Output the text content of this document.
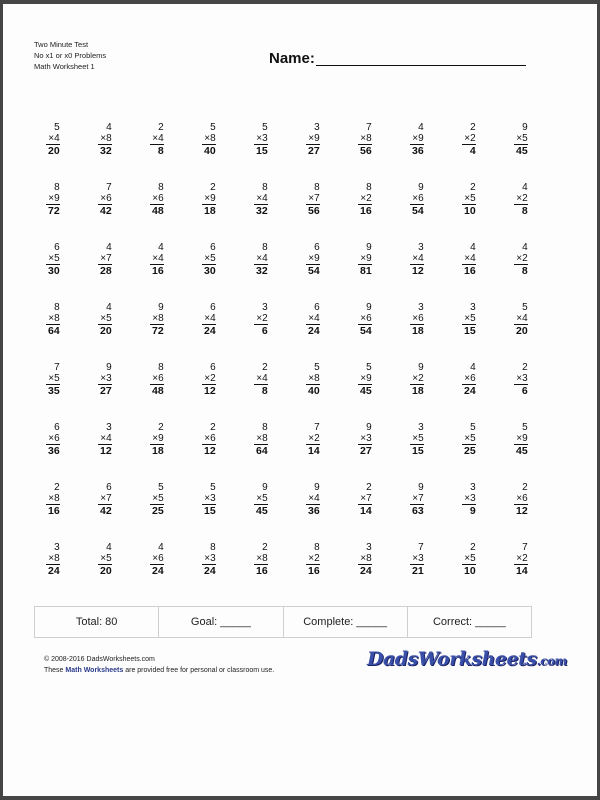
Two Minute Test
No x1 or x0 Problems
Math Worksheet 1	Name:
5
×4
20
4
×8
32
2
×4
8
5
×8
40
5
×3
15
3
×9
27
7
×8
56
4
×9
36
2
×2
4
9
×5
45
8
×9
72
7
×6
42
8
×6
48
2
×9
18
8
×4
32
8
×7
56
8
×2
16
9
×6
54
2
×5
10
4
×2
8
6
×5
30
4
×7
28
4
×4
16
6
×5
30
8
×4
32
6
×9
54
9
×9
81
3
×4
12
4
×4
16
4
×2
8
8
×8
64
4
×5
20
9
×8
72
6
×4
24
3
×2
6
6
×4
24
9
×6
54
3
×6
18
3
×5
15
5
×4
20
7
×5
35
9
×3
27
8
×6
48
6
×2
12
2
×4
8
5
×8
40
5
×9
45
9
×2
18
4
×6
24
2
×3
6
6
×6
36
3
×4
12
2
×9
18
2
×6
12
8
×8
64
7
×2
14
9
×3
27
3
×5
15
5
×5
25
5
×9
45
2
×8
16
6
×7
42
5
×5
25
5
×3
15
9
×5
45
9
×4
36
2
×7
14
9
×7
63
3
×3
9
2
×6
12
3
×8
24
4
×5
20
4
×6
24
8
×3
24
2
×8
16
8
×2
16
3
×8
24
7
×3
21
2
×5
10
7
×2
14
Total: 80	Goal: _____	Complete: _____	Correct: _____
© 2008-2016 DadsWorksheets.com
These Math Worksheets are provided free for personal or classroom use.
DadsWorksheets.com
